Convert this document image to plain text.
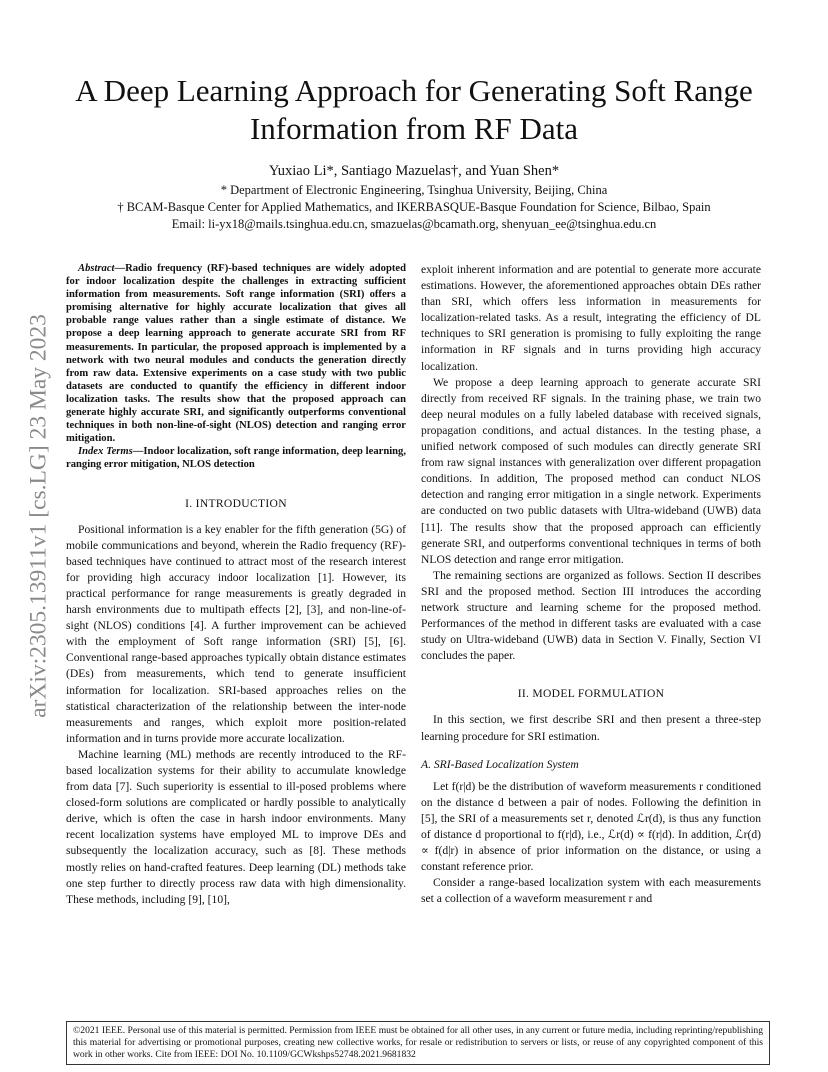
arXiv:2305.13911v1 [cs.LG] 23 May 2023
A Deep Learning Approach for Generating Soft Range Information from RF Data
Yuxiao Li*, Santiago Mazuelas†, and Yuan Shen*
* Department of Electronic Engineering, Tsinghua University, Beijing, China
† BCAM-Basque Center for Applied Mathematics, and IKERBASQUE-Basque Foundation for Science, Bilbao, Spain
Email: li-yx18@mails.tsinghua.edu.cn, smazuelas@bcamath.org, shenyuan_ee@tsinghua.edu.cn

Abstract—Radio frequency (RF)-based techniques are widely adopted for indoor localization despite the challenges in extracting sufficient information from measurements. Soft range information (SRI) offers a promising alternative for highly accurate localization that gives all probable range values rather than a single estimate of distance. We propose a deep learning approach to generate accurate SRI from RF measurements. In particular, the proposed approach is implemented by a network with two neural modules and conducts the generation directly from raw data. Extensive experiments on a case study with two public datasets are conducted to quantify the efficiency in different indoor localization tasks. The results show that the proposed approach can generate highly accurate SRI, and significantly outperforms conventional techniques in both non-line-of-sight (NLOS) detection and ranging error mitigation.

Index Terms—Indoor localization, soft range information, deep learning, ranging error mitigation, NLOS detection

I. INTRODUCTION

Positional information is a key enabler for the fifth generation (5G) of mobile communications and beyond, wherein the Radio frequency (RF)-based techniques have continued to attract most of the research interest for providing high accuracy indoor localization [1]. However, its practical performance for range measurements is greatly degraded in harsh environments due to multipath effects [2], [3], and non-line-of-sight (NLOS) conditions [4]. A further improvement can be achieved with the employment of Soft range information (SRI) [5], [6]. Conventional range-based approaches typically obtain distance estimates (DEs) from measurements, which tend to generate insufficient information for localization. SRI-based approaches relies on the statistical characterization of the relationship between the inter-node measurements and ranges, which exploit more position-related information and in turns provide more accurate localization.

Machine learning (ML) methods are recently introduced to the RF-based localization systems for their ability to accumulate knowledge from data [7]. Such superiority is essential to ill-posed problems where closed-form solutions are complicated or hardly possible to analytically derive, which is often the case in harsh indoor environments. Many recent localization systems have employed ML to improve DEs and subsequently the localization accuracy, such as [8]. These methods mostly relies on hand-crafted features. Deep learning (DL) methods take one step further to directly process raw data with high dimensionality. These methods, including [9], [10],

exploit inherent information and are potential to generate more accurate estimations. However, the aforementioned approaches obtain DEs rather than SRI, which offers less information in measurements for localization-related tasks. As a result, integrating the efficiency of DL techniques to SRI generation is promising to fully exploiting the range information in RF signals and in turns providing high accuracy localization.

We propose a deep learning approach to generate accurate SRI directly from received RF signals. In the training phase, we train two deep neural modules on a fully labeled database with received signals, propagation conditions, and actual distances. In the testing phase, a unified network composed of such modules can directly generate SRI from raw signal instances with generalization over different propagation conditions. In addition, The proposed method can conduct NLOS detection and ranging error mitigation in a single network. Experiments are conducted on two public datasets with Ultra-wideband (UWB) data [11]. The results show that the proposed approach can efficiently generate SRI, and outperforms conventional techniques in terms of both NLOS detection and range error mitigation.

The remaining sections are organized as follows. Section II describes SRI and the proposed method. Section III introduces the according network structure and learning scheme for the proposed method. Performances of the method in different tasks are evaluated with a case study on Ultra-wideband (UWB) data in Section V. Finally, Section VI concludes the paper.

II. MODEL FORMULATION

In this section, we first describe SRI and then present a three-step learning procedure for SRI estimation.

A. SRI-Based Localization System

Let f(r|d) be the distribution of waveform measurements r conditioned on the distance d between a pair of nodes. Following the definition in [5], the SRI of a measurements set r, denoted ℒr(d), is thus any function of distance d proportional to f(r|d), i.e., ℒr(d) ∝ f(r|d). In addition, ℒr(d) ∝ f(d|r) in absence of prior information on the distance, or using a constant reference prior.

Consider a range-based localization system with each measurements set a collection of a waveform measurement r and

©2021 IEEE. Personal use of this material is permitted. Permission from IEEE must be obtained for all other uses, in any current or future media, including reprinting/republishing this material for advertising or promotional purposes, creating new collective works, for resale or redistribution to servers or lists, or reuse of any copyrighted component of this work in other works. Cite from IEEE: DOI No. 10.1109/GCWkshps52748.2021.9681832
